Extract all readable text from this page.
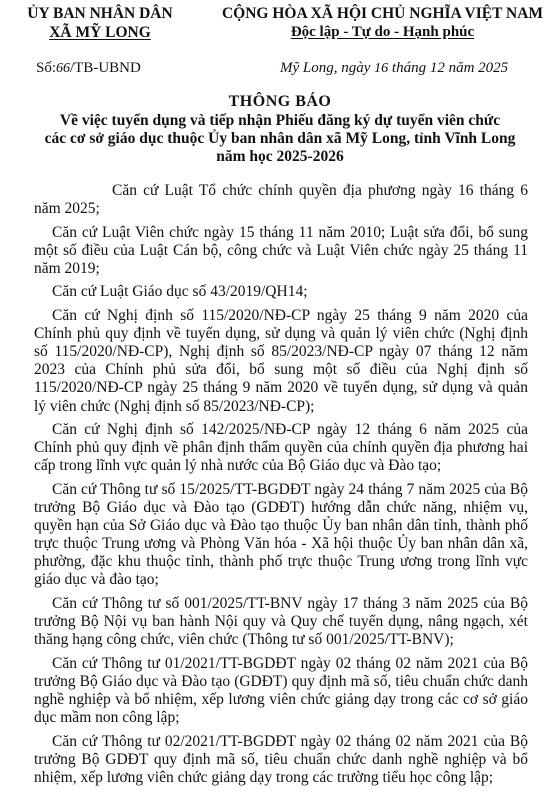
ỦY BAN NHÂN DÂN
XÃ MỸ LONG
CỘNG HÒA XÃ HỘI CHỦ NGHĨA VIỆT NAM
Độc lập - Tự do - Hạnh phúc
Số:66/TB-UBND	Mỹ Long, ngày 16 tháng 12 năm 2025
THÔNG BÁO
Về việc tuyển dụng và tiếp nhận Phiếu đăng ký dự tuyển viên chức
các cơ sở giáo dục thuộc Ủy ban nhân dân xã Mỹ Long, tỉnh Vĩnh Long
năm học 2025-2026

Căn cứ Luật Tổ chức chính quyền địa phương ngày 16 tháng 6 năm 2025;

Căn cứ Luật Viên chức ngày 15 tháng 11 năm 2010; Luật sửa đổi, bổ sung một số điều của Luật Cán bộ, công chức và Luật Viên chức ngày 25 tháng 11 năm 2019;

Căn cứ Luật Giáo dục số 43/2019/QH14;

Căn cứ Nghị định số 115/2020/NĐ-CP ngày 25 tháng 9 năm 2020 của Chính phủ quy định về tuyển dụng, sử dụng và quản lý viên chức (Nghị định số 115/2020/NĐ-CP), Nghị định số 85/2023/NĐ-CP ngày 07 tháng 12 năm 2023 của Chính phủ sửa đổi, bổ sung một số điều của Nghị định số 115/2020/NĐ-CP ngày 25 tháng 9 năm 2020 về tuyển dụng, sử dụng và quản lý viên chức (Nghị định số 85/2023/NĐ-CP);

Căn cứ Nghị định số 142/2025/NĐ-CP ngày 12 tháng 6 năm 2025 của Chính phủ quy định về phân định thẩm quyền của chính quyền địa phương hai cấp trong lĩnh vực quản lý nhà nước của Bộ Giáo dục và Đào tạo;

Căn cứ Thông tư số 15/2025/TT-BGDĐT ngày 24 tháng 7 năm 2025 của Bộ trưởng Bộ Giáo dục và Đào tạo (GDĐT) hướng dẫn chức năng, nhiệm vụ, quyền hạn của Sở Giáo dục và Đào tạo thuộc Ủy ban nhân dân tỉnh, thành phố trực thuộc Trung ương và Phòng Văn hóa - Xã hội thuộc Ủy ban nhân dân xã, phường, đặc khu thuộc tỉnh, thành phố trực thuộc Trung ương trong lĩnh vực giáo dục và đào tạo;

Căn cứ Thông tư số 001/2025/TT-BNV ngày 17 tháng 3 năm 2025 của Bộ trưởng Bộ Nội vụ ban hành Nội quy và Quy chế tuyển dụng, nâng ngạch, xét thăng hạng công chức, viên chức (Thông tư số 001/2025/TT-BNV);

Căn cứ Thông tư 01/2021/TT-BGDĐT ngày 02 tháng 02 năm 2021 của Bộ trưởng Bộ Giáo dục và Đào tạo (GDĐT) quy định mã số, tiêu chuẩn chức danh nghề nghiệp và bổ nhiệm, xếp lương viên chức giảng dạy trong các cơ sở giáo dục mầm non công lập;

Căn cứ Thông tư 02/2021/TT-BGDĐT ngày 02 tháng 02 năm 2021 của Bộ trưởng Bộ GDĐT quy định mã số, tiêu chuẩn chức danh nghề nghiệp và bổ nhiệm, xếp lương viên chức giảng dạy trong các trường tiểu học công lập;
